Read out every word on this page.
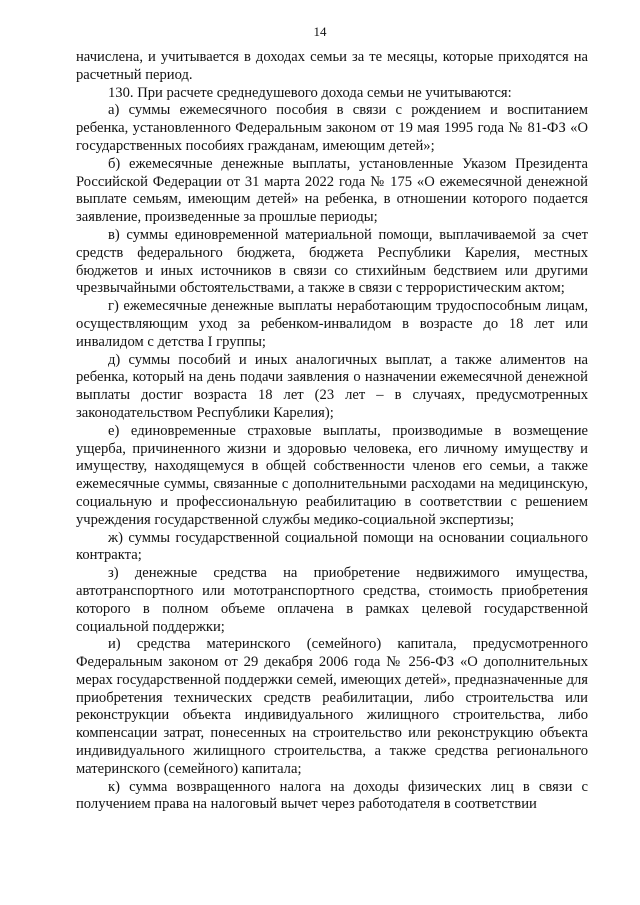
14

начислена, и учитывается в доходах семьи за те месяцы, которые приходятся на расчетный период.

130. При расчете среднедушевого дохода семьи не учитываются:

а) суммы ежемесячного пособия в связи с рождением и воспитанием ребенка, установленного Федеральным законом от 19 мая 1995 года № 81-ФЗ «О государственных пособиях гражданам, имеющим детей»;

б) ежемесячные денежные выплаты, установленные Указом Президента Российской Федерации от 31 марта 2022 года № 175 «О ежемесячной денежной выплате семьям, имеющим детей» на ребенка, в отношении которого подается заявление, произведенные за прошлые периоды;

в) суммы единовременной материальной помощи, выплачиваемой за счет средств федерального бюджета, бюджета Республики Карелия, местных бюджетов и иных источников в связи со стихийным бедствием или другими чрезвычайными обстоятельствами, а также в связи с террористическим актом;

г) ежемесячные денежные выплаты неработающим трудоспособным лицам, осуществляющим уход за ребенком-инвалидом в возрасте до 18 лет или инвалидом с детства I группы;

д) суммы пособий и иных аналогичных выплат, а также алиментов на ребенка, который на день подачи заявления о назначении ежемесячной денежной выплаты достиг возраста 18 лет (23 лет – в случаях, предусмотренных законодательством Республики Карелия);

е) единовременные страховые выплаты, производимые в возмещение ущерба, причиненного жизни и здоровью человека, его личному имуществу и имуществу, находящемуся в общей собственности членов его семьи, а также ежемесячные суммы, связанные с дополнительными расходами на медицинскую, социальную и профессиональную реабилитацию в соответствии с решением учреждения государственной службы медико-социальной экспертизы;

ж) суммы государственной социальной помощи на основании социального контракта;

з) денежные средства на приобретение недвижимого имущества, автотранспортного или мототранспортного средства, стоимость приобретения которого в полном объеме оплачена в рамках целевой государственной социальной поддержки;

и) средства материнского (семейного) капитала, предусмотренного Федеральным законом от 29 декабря 2006 года № 256-ФЗ «О дополнительных мерах государственной поддержки семей, имеющих детей», предназначенные для приобретения технических средств реабилитации, либо строительства или реконструкции объекта индивидуального жилищного строительства, либо компенсации затрат, понесенных на строительство или реконструкцию объекта индивидуального жилищного строительства, а также средства регионального материнского (семейного) капитала;

к) сумма возвращенного налога на доходы физических лиц в связи с получением права на налоговый вычет через работодателя в соответствии
